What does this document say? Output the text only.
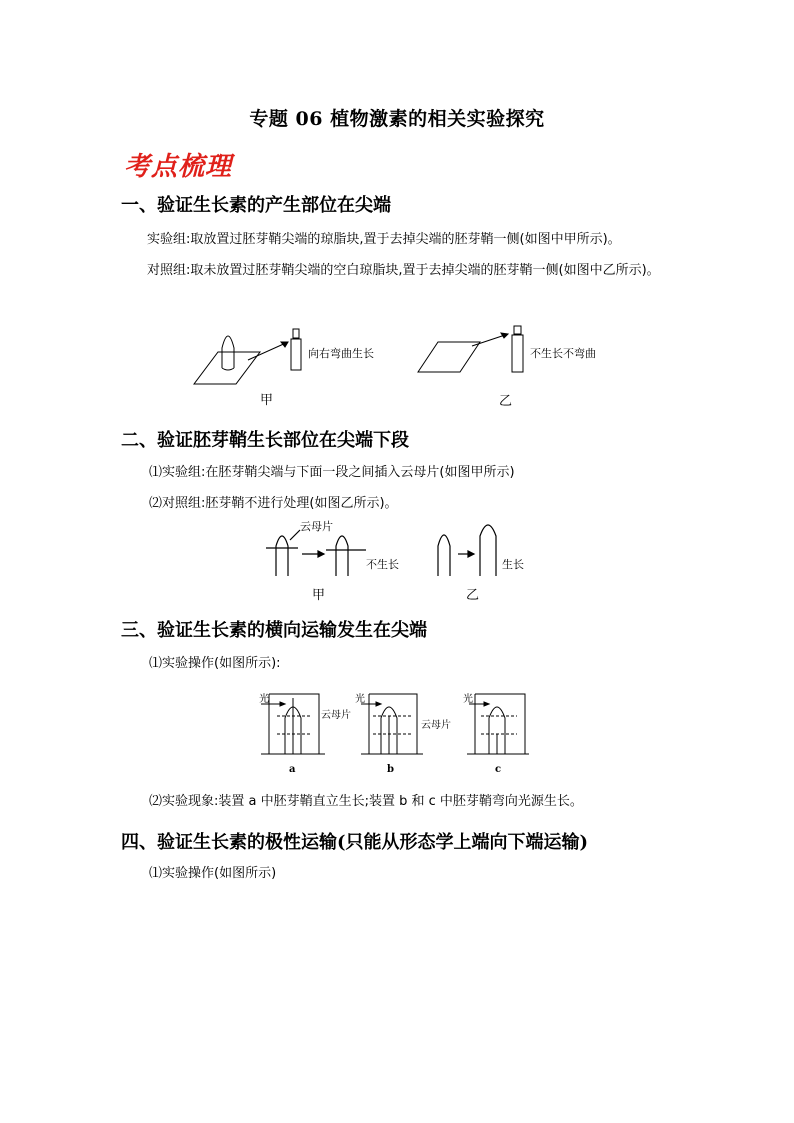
专题 06 植物激素的相关实验探究
考点梳理
一、验证生长素的产生部位在尖端
实验组:取放置过胚芽鞘尖端的琼脂块,置于去掉尖端的胚芽鞘一侧(如图中甲所示)。
对照组:取未放置过胚芽鞘尖端的空白琼脂块,置于去掉尖端的胚芽鞘一侧(如图中乙所示)。
向右弯曲生长	不生长不弯曲
甲	乙
二、验证胚芽鞘生长部位在尖端下段
⑴实验组:在胚芽鞘尖端与下面一段之间插入云母片(如图甲所示)
⑵对照组:胚芽鞘不进行处理(如图乙所示)。
云母片
不生长	生长
甲	乙
三、验证生长素的横向运输发生在尖端
⑴实验操作(如图所示):
光
云母片
光
云母片
光
a	b	c
⑵实验现象:装置 a 中胚芽鞘直立生长;装置 b 和 c 中胚芽鞘弯向光源生长。
四、验证生长素的极性运输(只能从形态学上端向下端运输)
⑴实验操作(如图所示)
